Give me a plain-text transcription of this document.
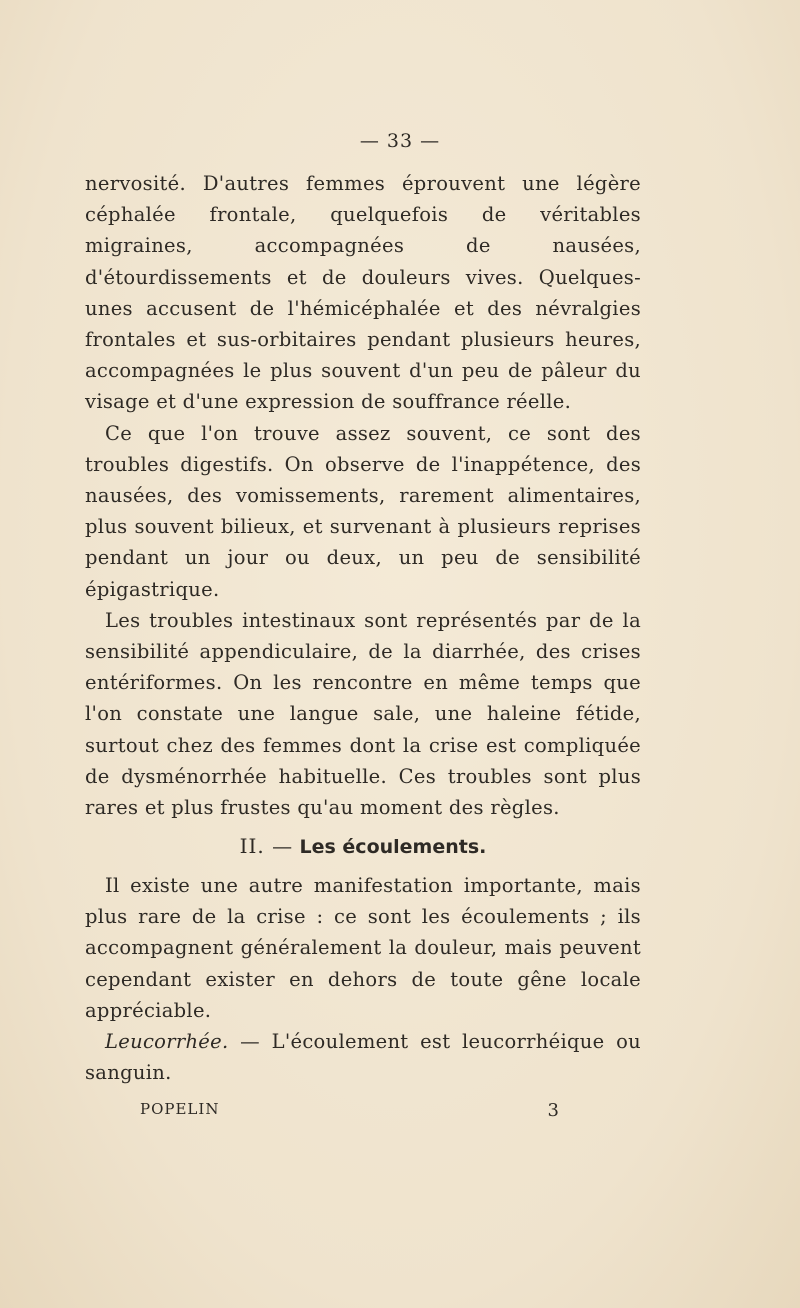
— 33 —

nervosité. D'autres femmes éprouvent une légère céphalée frontale, quelquefois de véritables migraines, accompagnées de nausées, d'étourdissements et de douleurs vives. Quelques-unes accusent de l'hémicéphalée et des névralgies frontales et sus-orbitaires pendant plusieurs heures, accompagnées le plus souvent d'un peu de pâleur du visage et d'une expression de souffrance réelle.

Ce que l'on trouve assez souvent, ce sont des troubles digestifs. On observe de l'inappétence, des nausées, des vomissements, rarement alimentaires, plus souvent bilieux, et survenant à plusieurs reprises pendant un jour ou deux, un peu de sensibilité épigastrique.

Les troubles intestinaux sont représentés par de la sensibilité appendiculaire, de la diarrhée, des crises entériformes. On les rencontre en même temps que l'on constate une langue sale, une haleine fétide, surtout chez des femmes dont la crise est compliquée de dysménorrhée habituelle. Ces troubles sont plus rares et plus frustes qu'au moment des règles.

II. — Les écoulements.

Il existe une autre manifestation importante, mais plus rare de la crise : ce sont les écoulements ; ils accompagnent généralement la douleur, mais peuvent cependant exister en dehors de toute gêne locale appréciable.

Leucorrhée. — L'écoulement est leucorrhéique ou sanguin.

POPELIN	3
